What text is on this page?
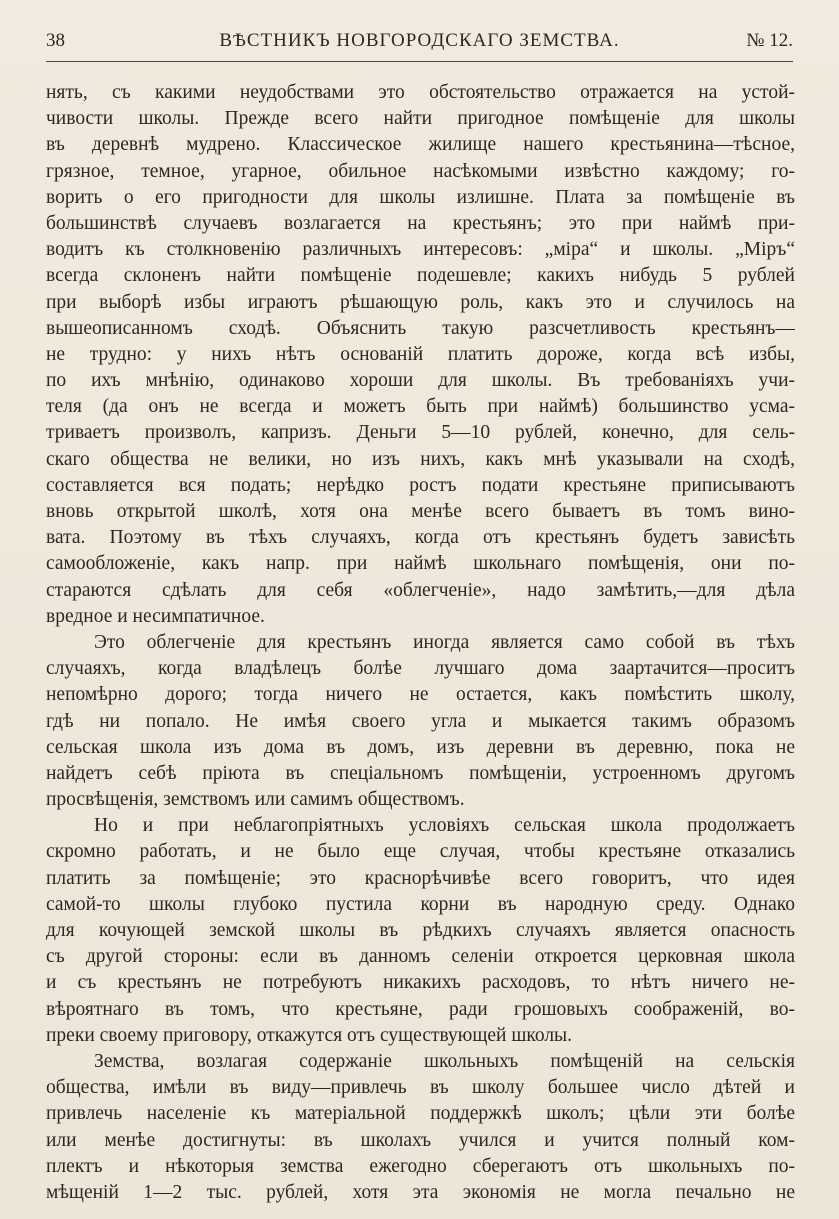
38	ВѢСТНИКЪ НОВГОРОДСКАГО ЗЕМСТВА.	№ 12.
нять, съ какими неудобствами это обстоятельство отражается на устой-
чивости школы. Прежде всего найти пригодное помѣщеніе для школы
въ деревнѣ мудрено. Классическое жилище нашего крестьянина—тѣсное,
грязное, темное, угарное, обильное насѣкомыми извѣстно каждому; го-
ворить о его пригодности для школы излишне. Плата за помѣщеніе въ
большинствѣ случаевъ возлагается на крестьянъ; это при наймѣ при-
водитъ къ столкновенію различныхъ интересовъ: „міра“ и школы. „Міръ“
всегда склоненъ найти помѣщеніе подешевле; какихъ нибудь 5 рублей
при выборѣ избы играютъ рѣшающую роль, какъ это и случилось на
вышеописанномъ сходѣ. Объяснить такую разсчетливость крестьянъ—
не трудно: у нихъ нѣтъ основаній платить дороже, когда всѣ избы,
по ихъ мнѣнію, одинаково хороши для школы. Въ требованіяхъ учи-
теля (да онъ не всегда и можетъ быть при наймѣ) большинство усма-
триваетъ произволъ, капризъ. Деньги 5—10 рублей, конечно, для сель-
скаго общества не велики, но изъ нихъ, какъ мнѣ указывали на сходѣ,
составляется вся подать; нерѣдко ростъ подати крестьяне приписываютъ
вновь открытой школѣ, хотя она менѣе всего бываетъ въ томъ вино-
вата. Поэтому въ тѣхъ случаяхъ, когда отъ крестьянъ будетъ зависѣть
самообложеніе, какъ напр. при наймѣ школьнаго помѣщенія, они по-
стараются сдѣлать для себя «облегченіе», надо замѣтить,—для дѣла
вредное и несимпатичное.
Это облегченіе для крестьянъ иногда является само собой въ тѣхъ
случаяхъ, когда владѣлецъ болѣе лучшаго дома заартачится—проситъ
непомѣрно дорого; тогда ничего не остается, какъ помѣстить школу,
гдѣ ни попало. Не имѣя своего угла и мыкается такимъ образомъ
сельская школа изъ дома въ домъ, изъ деревни въ деревню, пока не
найдетъ себѣ пріюта въ спеціальномъ помѣщеніи, устроенномъ другомъ
просвѣщенія, земствомъ или самимъ обществомъ.
Но и при неблагопріятныхъ условіяхъ сельская школа продолжаетъ
скромно работать, и не было еще случая, чтобы крестьяне отказались
платить за помѣщеніе; это краснорѣчивѣе всего говоритъ, что идея
самой-то школы глубоко пустила корни въ народную среду. Однако
для кочующей земской школы въ рѣдкихъ случаяхъ является опасность
съ другой стороны: если въ данномъ селеніи откроется церковная школа
и съ крестьянъ не потребуютъ никакихъ расходовъ, то нѣтъ ничего не-
вѣроятнаго въ томъ, что крестьяне, ради грошовыхъ соображеній, во-
преки своему приговору, откажутся отъ существующей школы.
Земства, возлагая содержаніе школьныхъ помѣщеній на сельскія
общества, имѣли въ виду—привлечь въ школу большее число дѣтей и
привлечь населеніе къ матеріальной поддержкѣ школъ; цѣли эти болѣе
или менѣе достигнуты: въ школахъ учился и учится полный ком-
плектъ и нѣкоторыя земства ежегодно сберегаютъ отъ школьныхъ по-
мѣщеній 1—2 тыс. рублей, хотя эта экономія не могла печально не
